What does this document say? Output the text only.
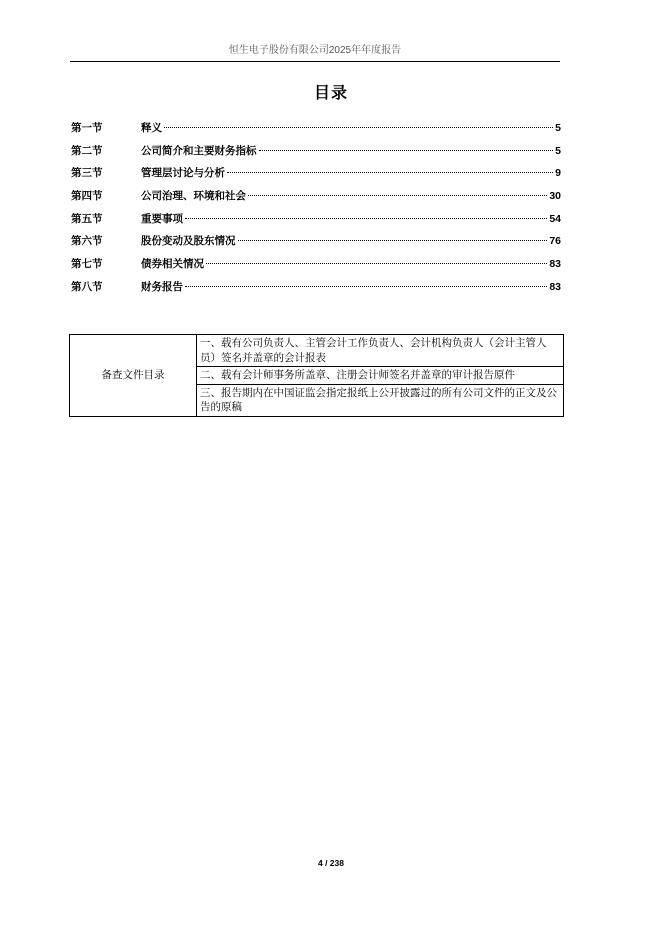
恒生电子股份有限公司2025年年度报告
目录
第一节	释义	5
第二节	公司简介和主要财务指标	5
第三节	管理层讨论与分析	9
第四节	公司治理、环境和社会	30
第五节	重要事项	54
第六节	股份变动及股东情况	76
第七节	债券相关情况	83
第八节	财务报告	83
备查文件目录	一、载有公司负责人、主管会计工作负责人、会计机构负责人（会计主管人员）签名并盖章的会计报表
二、载有会计师事务所盖章、注册会计师签名并盖章的审计报告原件
三、报告期内在中国证监会指定报纸上公开披露过的所有公司文件的正文及公告的原稿
4 / 238
